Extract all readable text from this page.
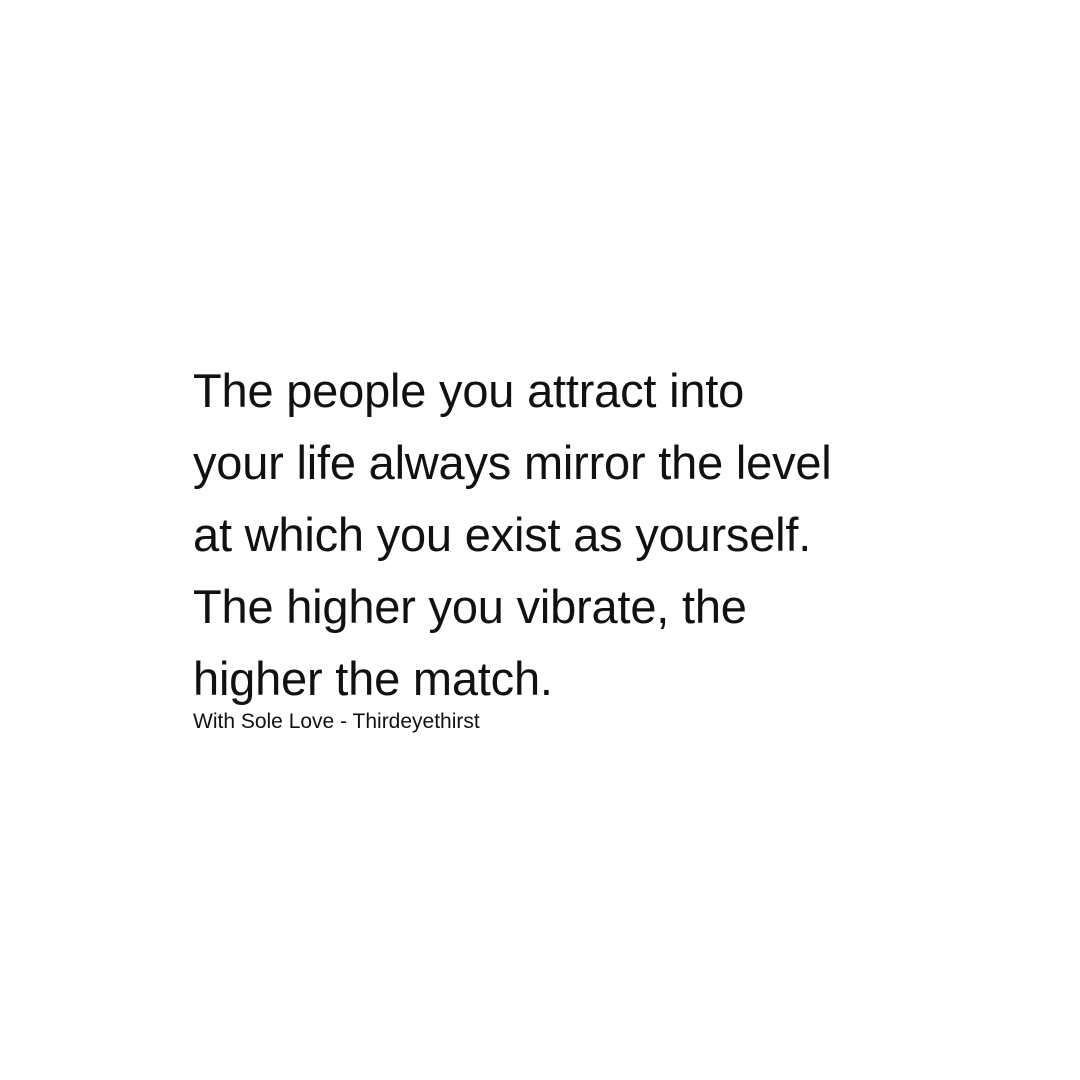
The people you attract into
your life always mirror the level
at which you exist as yourself.
The higher you vibrate, the
higher the match.
With Sole Love - Thirdeyethirst
